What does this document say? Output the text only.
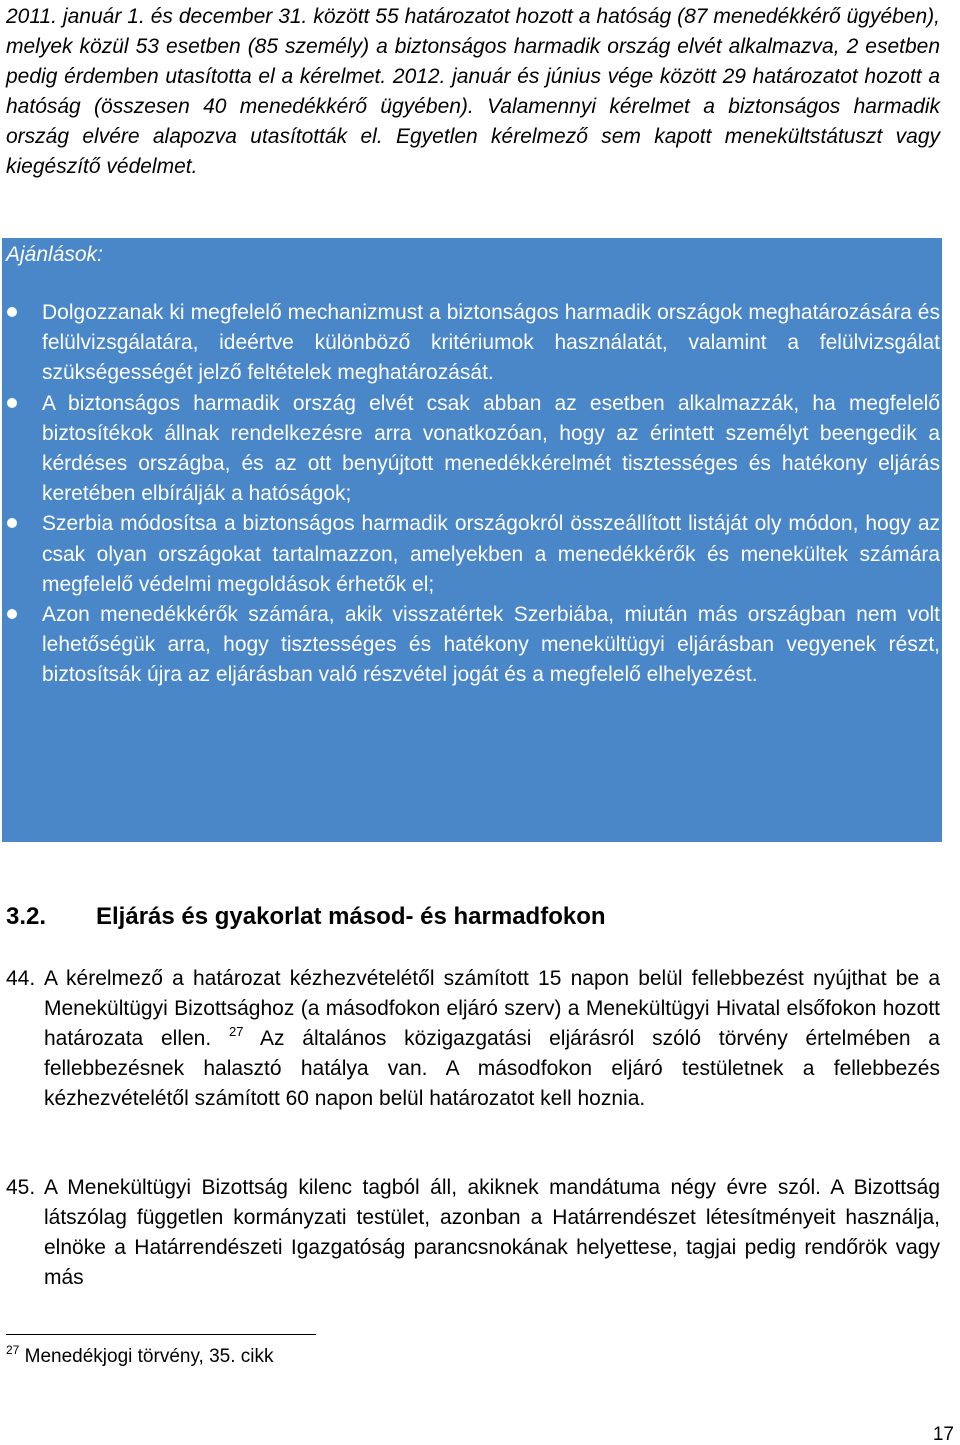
2011. január 1. és december 31. között 55 határozatot hozott a hatóság (87 menedékkérő ügyében), melyek közül 53 esetben (85 személy) a biztonságos harmadik ország elvét alkalmazva, 2 esetben pedig érdemben utasította el a kérelmet. 2012. január és június vége között 29 határozatot hozott a hatóság (összesen 40 menedékkérő ügyében). Valamennyi kérelmet a biztonságos harmadik ország elvére alapozva utasították el. Egyetlen kérelmező sem kapott menekültstátuszt vagy kiegészítő védelmet.

Ajánlások:
Dolgozzanak ki megfelelő mechanizmust a biztonságos harmadik országok meghatározására és felülvizsgálatára, ideértve különböző kritériumok használatát, valamint a felülvizsgálat szükségességét jelző feltételek meghatározását.
A biztonságos harmadik ország elvét csak abban az esetben alkalmazzák, ha megfelelő biztosítékok állnak rendelkezésre arra vonatkozóan, hogy az érintett személyt beengedik a kérdéses országba, és az ott benyújtott menedékkérelmét tisztességes és hatékony eljárás keretében elbírálják a hatóságok;
Szerbia módosítsa a biztonságos harmadik országokról összeállított listáját oly módon, hogy az csak olyan országokat tartalmazzon, amelyekben a menedékkérők és menekültek számára megfelelő védelmi megoldások érhetők el;
Azon menedékkérők számára, akik visszatértek Szerbiába, miután más országban nem volt lehetőségük arra, hogy tisztességes és hatékony menekültügyi eljárásban vegyenek részt, biztosítsák újra az eljárásban való részvétel jogát és a megfelelő elhelyezést.
3.2. Eljárás és gyakorlat másod- és harmadfokon
44. A kérelmező a határozat kézhezvételétől számított 15 napon belül fellebbezést nyújthat be a Menekültügyi Bizottsághoz (a másodfokon eljáró szerv) a Menekültügyi Hivatal elsőfokon hozott határozata ellen. $^{27}$ Az általános közigazgatási eljárásról szóló törvény értelmében a fellebbezésnek halasztó hatálya van. A másodfokon eljáró testületnek a fellebbezés kézhezvételétől számított 60 napon belül határozatot kell hoznia.
45. A Menekültügyi Bizottság kilenc tagból áll, akiknek mandátuma négy évre szól. A Bizottság látszólag független kormányzati testület, azonban a Határrendészet létesítményeit használja, elnöke a Határrendészeti Igazgatóság parancsnokának helyettese, tagjai pedig rendőrök vagy más
$^{27}$ Menedékjogi törvény, 35. cikk
17
